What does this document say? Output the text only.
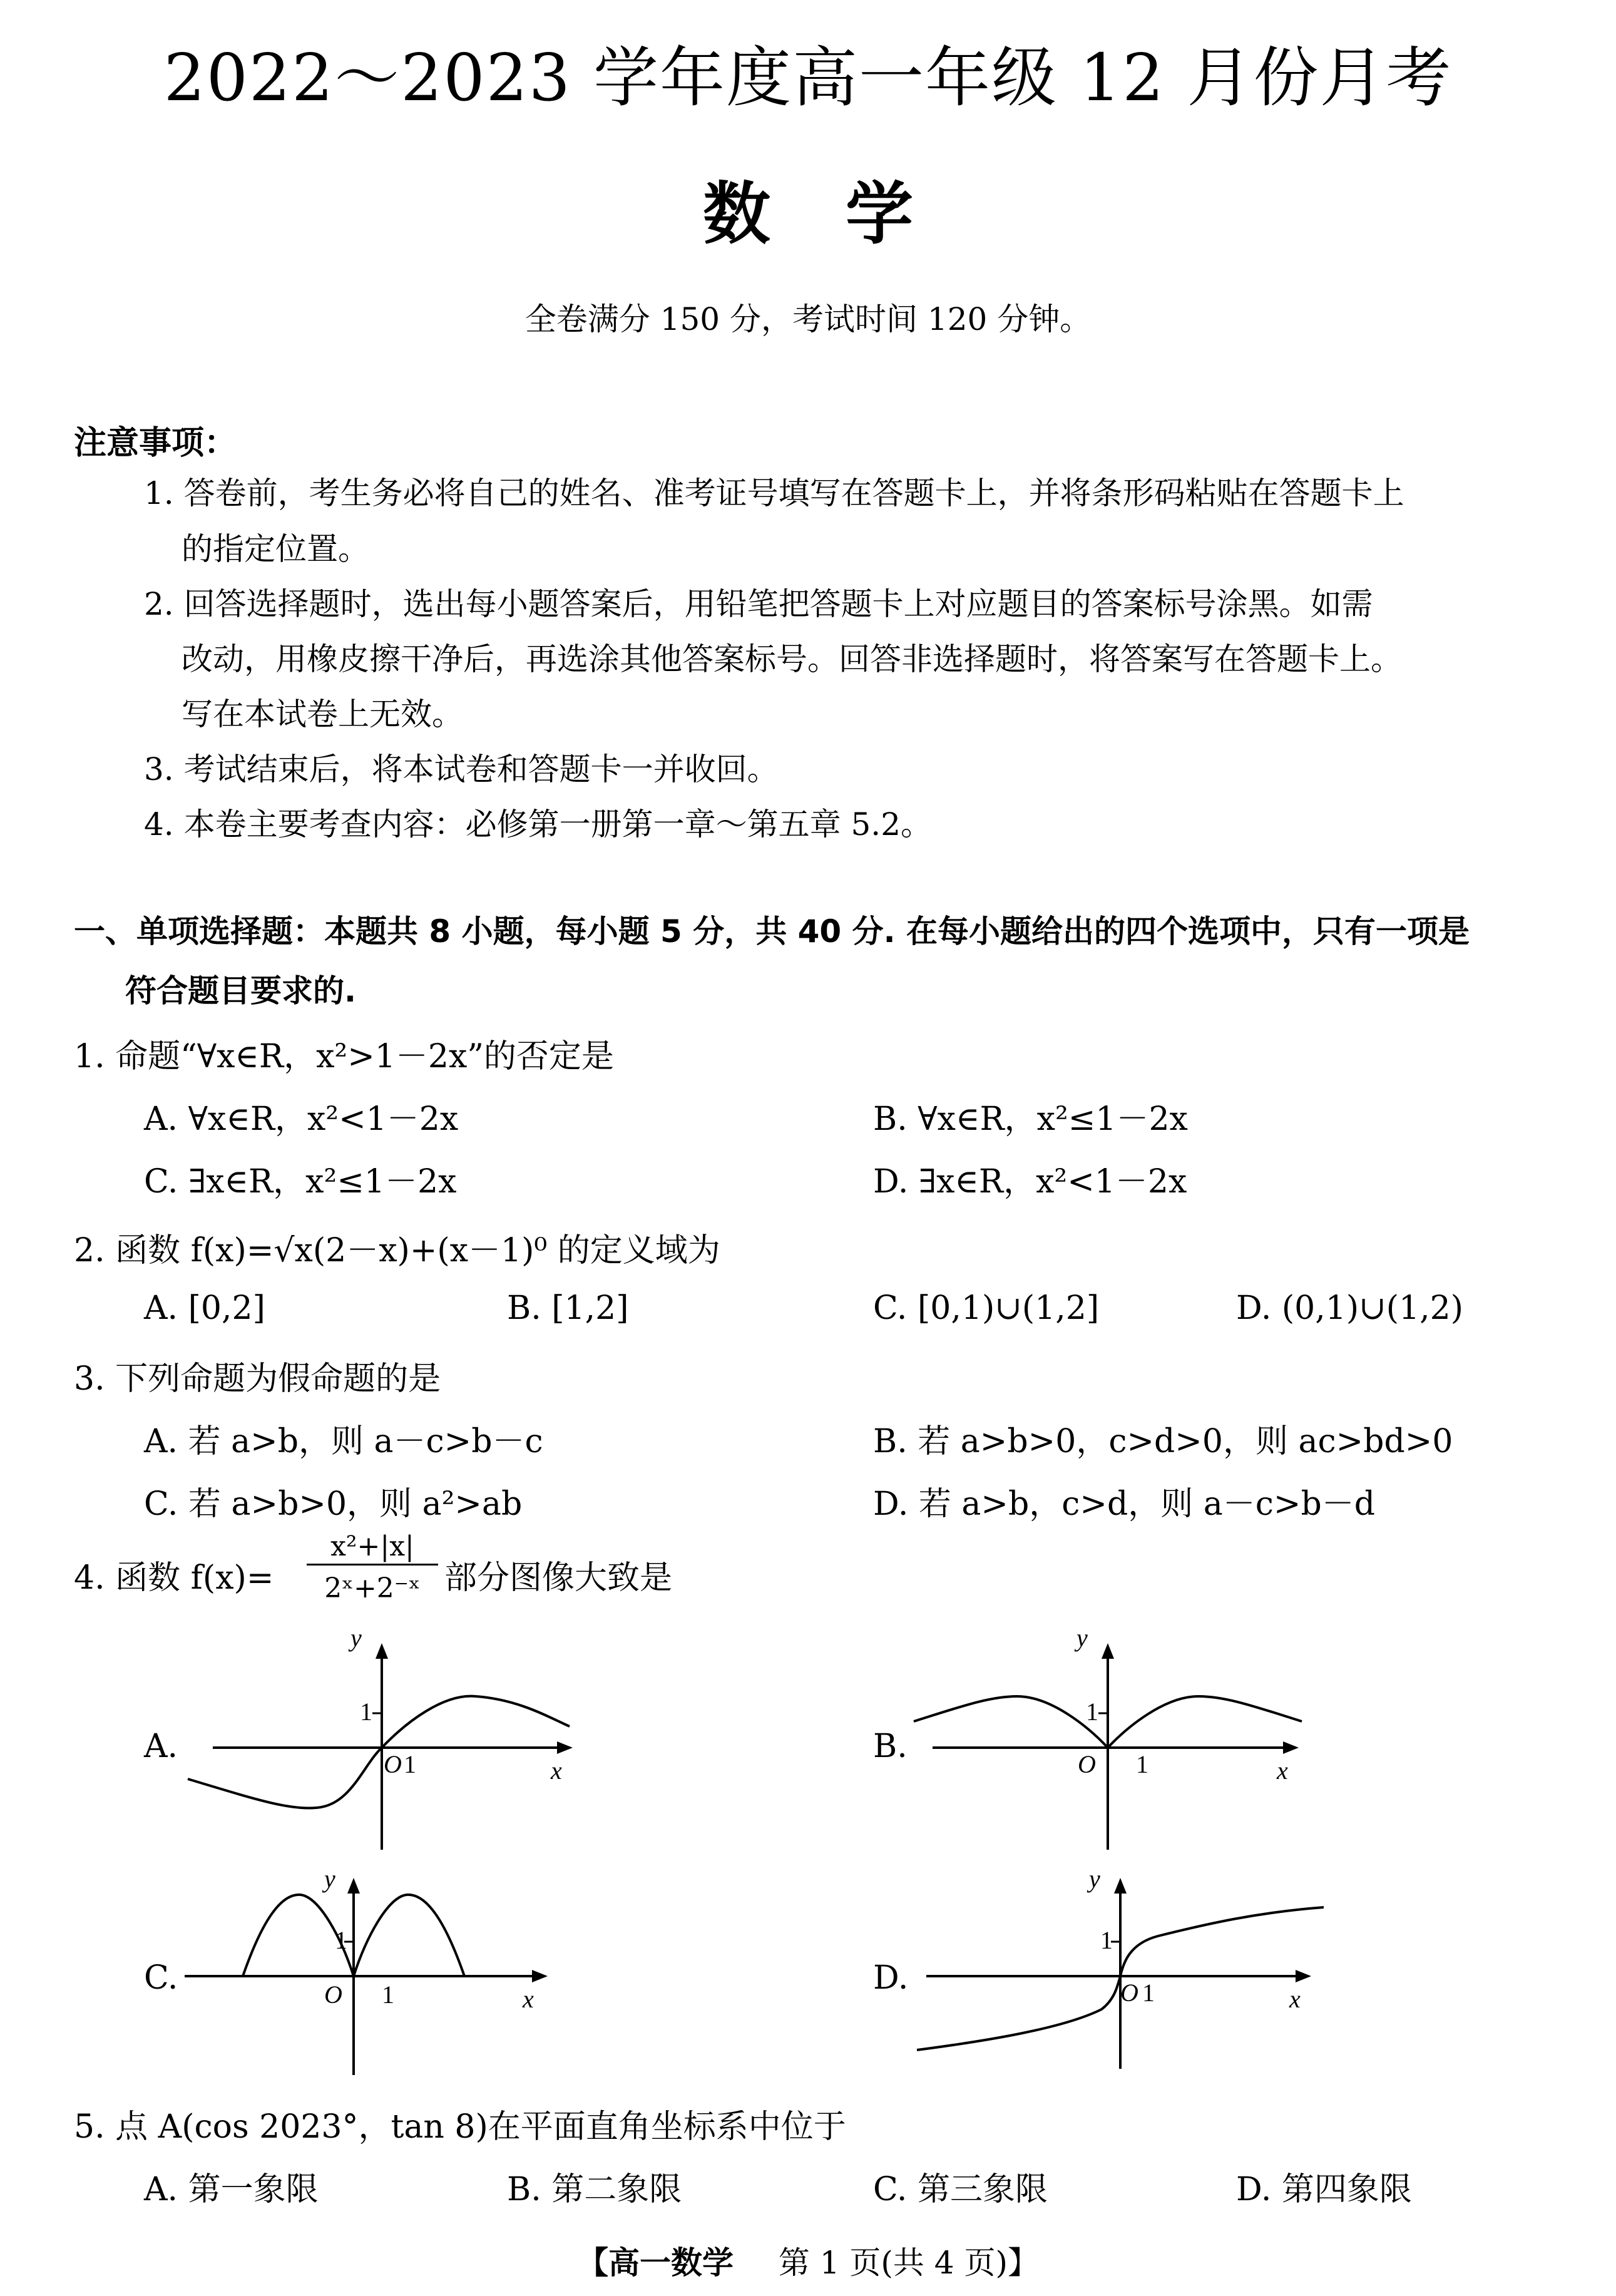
2022～2023 学年度高一年级 12 月份月考
数学
全卷满分 150 分，考试时间 120 分钟。
注意事项：
1. 答卷前，考生务必将自己的姓名、准考证号填写在答题卡上，并将条形码粘贴在答题卡上
的指定位置。
2. 回答选择题时，选出每小题答案后，用铅笔把答题卡上对应题目的答案标号涂黑。如需
改动，用橡皮擦干净后，再选涂其他答案标号。回答非选择题时，将答案写在答题卡上。
写在本试卷上无效。
3. 考试结束后，将本试卷和答题卡一并收回。
4. 本卷主要考查内容：必修第一册第一章～第五章 5.2。
一、单项选择题：本题共 8 小题，每小题 5 分，共 40 分. 在每小题给出的四个选项中，只有一项是
符合题目要求的.
1. 命题“∀x∈R，x²>1－2x”的否定是
A. ∀x∈R，x²<1－2x	B. ∀x∈R，x²≤1－2x
C. ∃x∈R，x²≤1－2x	D. ∃x∈R，x²<1－2x
2. 函数 f(x)=√x(2－x)+(x－1)⁰ 的定义域为
A. [0,2]	B. [1,2]	C. [0,1)∪(1,2]	D. (0,1)∪(1,2)
3. 下列命题为假命题的是
A. 若 a>b，则 a－c>b－c	B. 若 a>b>0，c>d>0，则 ac>bd>0
C. 若 a>b>0，则 a²>ab	D. 若 a>b，c>d，则 a－c>b－d
4. 函数 f(x)=
x²+|x|
2ˣ+2⁻ˣ 部分图像大致是
A.
y
1
O 1	x
B.
y
1
O 1	x
C.
y
1
O 1	x
D.
y
1
O 1	x
5. 点 A(cos 2023°，tan 8)在平面直角坐标系中位于
A. 第一象限	B. 第二象限	C. 第三象限	D. 第四象限
【高一数学 第 1 页(共 4 页)】
